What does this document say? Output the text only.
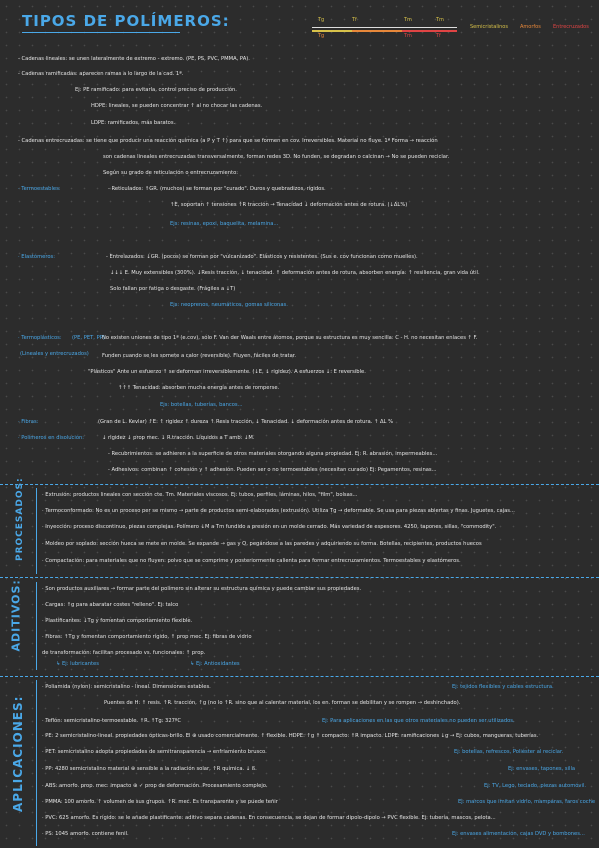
TIPOS DE POLÍMEROS:	Tg	Tf
Tg
Tm
Tm
Tm
Tf
Semicristalinos Amorfos Entrecruzados
- Cadenas lineales: se unen lateralmente de extremo - extremo. (PE, PS, PVC, PMMA, PA).
- Cadenas ramificadas: aparecen ramas a lo largo de la cad. 1ª.
Ej: PE ramificado: para evitarla, control preciso de producción.
HDPE: lineales, se pueden concentrar ↑ al no chocar las cadenas.
LDPE: ramificados, más baratos.
- Cadenas entrecruzadas: se tiene que producir una reacción química (a P y T ↑) para que se formen en cov. Irreversibles. Material no fluye. 1ª Forma → reacción
son cadenas lineales entrecruzadas transversalmente, forman redes 3D. No funden, se degradan o calcinan → No se pueden reciclar.
Según su grado de reticulación o entrecruzamiento:
· Termoestables:	- Reticulados: ↑GR. (muchos) se forman por "curado". Duros y quebradizos, rígidos.
↑E, soportan ↑ tensiones ↑R tracción → Tenacidad ↓ deformación antes de rotura. (↓ΔL%)
Ejs: resinas, epoxi, baquelita, melamina...
· Elastómeros:	- Entrelazados: ↓GR. (pocos) se forman por "vulcanizado". Elásticos y resistentes. (Sus e. cov funcionan como muelles).
↓↓↓ E. Muy extensibles (300%). ↓Resis tracción, ↓ tenacidad. ↑ deformación antes de rotura, absorben energía: ↑ resiliencia, gran vida útil.
Solo fallan por fatiga o desgaste. (Frágiles a ↓T)
Ejs: neoprenos, neumáticos, gomas siliconas.
· Termoplásticos: (PE, PET, PP)
No existen uniones de tipo 1ª (e.cov), sólo F. Van der Waals entre átomos, porque su estructura es muy sencilla: C - H. no necesitan enlaces ↑ F.
(Lineales y entrecruzados)	Funden cuando se les somete a calor (reversible). Fluyen, fáciles de tratar.
"Plásticos" Ante un esfuerzo ↑ se deforman irreversiblemente. (↓E, ↓ rigidez). A esfuerzos ↓: E reversible.
↑↑↑ Tenacidad: absorben mucha energía antes de romperse.
Ejs: botellas, tuberías, bancos...
· Fibras:	(Gran de L. Kevlar) ↑E: ↑ rigidez ↑ dureza ↑ Resis tracción, ↓ Tenacidad. ↓ deformación antes de rotura. ↑ ΔL %
· Polímeros en disolución:	↓ rigidez ↓ prop mec. ↓ R.tracción. Líquidos a T amb: ↓M.
- Recubrimientos: se adhieren a la superficie de otros materiales otorgando alguna propiedad. Ej: R. abrasión, impermeables...
- Adhesivos: combinan ↑ cohesión y ↑ adhesión. Pueden ser o no termoestables (necesitan curado) Ej: Pegamentos, resinas...
PROCESADOS:	· Extrusión: productos lineales con sección cte. Tm. Materiales viscosos. Ej: tubos, perfiles, láminas, hilos, "film", bolsas...
· Termoconformado: No es un proceso per se mismo → parte de productos semi-elaborados (extrusión). Utiliza Tg → deformable. Se usa para piezas abiertas y finas. Juguetes, cajas...
· Inyección: proceso discontinuo, piezas complejas. Polímero ↓M a Tm fundido a presión en un molde cerrado. Más variedad de espesores. 4250, tapones, sillas, "commodity".
· Moldeo por soplado: sección hueca se mete en molde. Se expande → gas y Q, pegándose a las paredes y adquiriendo su forma. Botellas, recipientes, productos huecos
· Compactación: para materiales que no fluyen: polvo que se comprime y posteriormente calienta para formar entrecruzamientos. Termoestables y elastómeros.
ADITIVOS:	· Son productos auxiliares → formar parte del polímero sin alterar su estructura química y puede cambiar sus propiedades.
· Cargas: ↑g para abaratar costes "relleno". Ej: talco
· Plastificantes: ↓Tg y fomentan comportamiento flexible.
· Fibras: ↑Tg y fomentan comportamiento rígido, ↑ prop mec. Ej: fibras de vidrio
de transformación: facilitan procesado vs. funcionales: ↑ prop.
↳ Ej: lubricantes	↳ Ej: Antioxidantes
APLICACIONES:
· Poliamida (nylon): semicristalino - lineal. Dimensiones estables.	Ej: tejidos flexibles y cables estructura.
Puentes de H: ↑ resis. ↑R. tracción, ↑g (no lo ↑R. sino que al calentar material, los en. forman se debilitan y se rompen → deshinchado).
· Teflón: semicristalino-termoestable. ↑R. ↑Tg: 327ºC	Ej: Para aplicaciones en las que otros materiales no pueden ser utilizados.
· PE: 2 semicristalino-lineal. propiedades ópticas-brillo. El ⊕ usado comercialmente. ↑ flexible. HDPE: ↑g ↑ compacto: ↑R impacto. LDPE: ramificaciones ↓g → Ej: cubos, mangueras, tuberías.
· PET: semicristalino adopta propiedades de semitransparencia → enfriamiento brusco.	Ej: botellas, refrescos, Poliéster al reciclar.
· PP: 4280 semicristalino material ⊕ sensible a la radiación solar, ↑R química. ↓ ß.	Ej: envases, tapones, silla
· ABS: amorfo. prop. mec: impacto ⊕ ✓ prop de deformación. Procesamiento complejo.	Ej: TV, Lego, teclado, piezas automóvil.
· PMMA: 100 amorfo. ↑ volumen de sus grupos. ↑R. mec. Es transparente y se puede teñir	Ej: marcos que imitan vidrio, mamparas, faros coche
· PVC: 625 amorfo. Es rígido: se le añade plastificante: aditivo separa cadenas. En consecuencia, se dejan de formar dipolo-dipolo → PVC flexible. Ej: tubería, mascos, pelota...
· PS: 1045 amorfo. contiene fenil.	Ej: envases alimentación, cajas DVD y bombones...
